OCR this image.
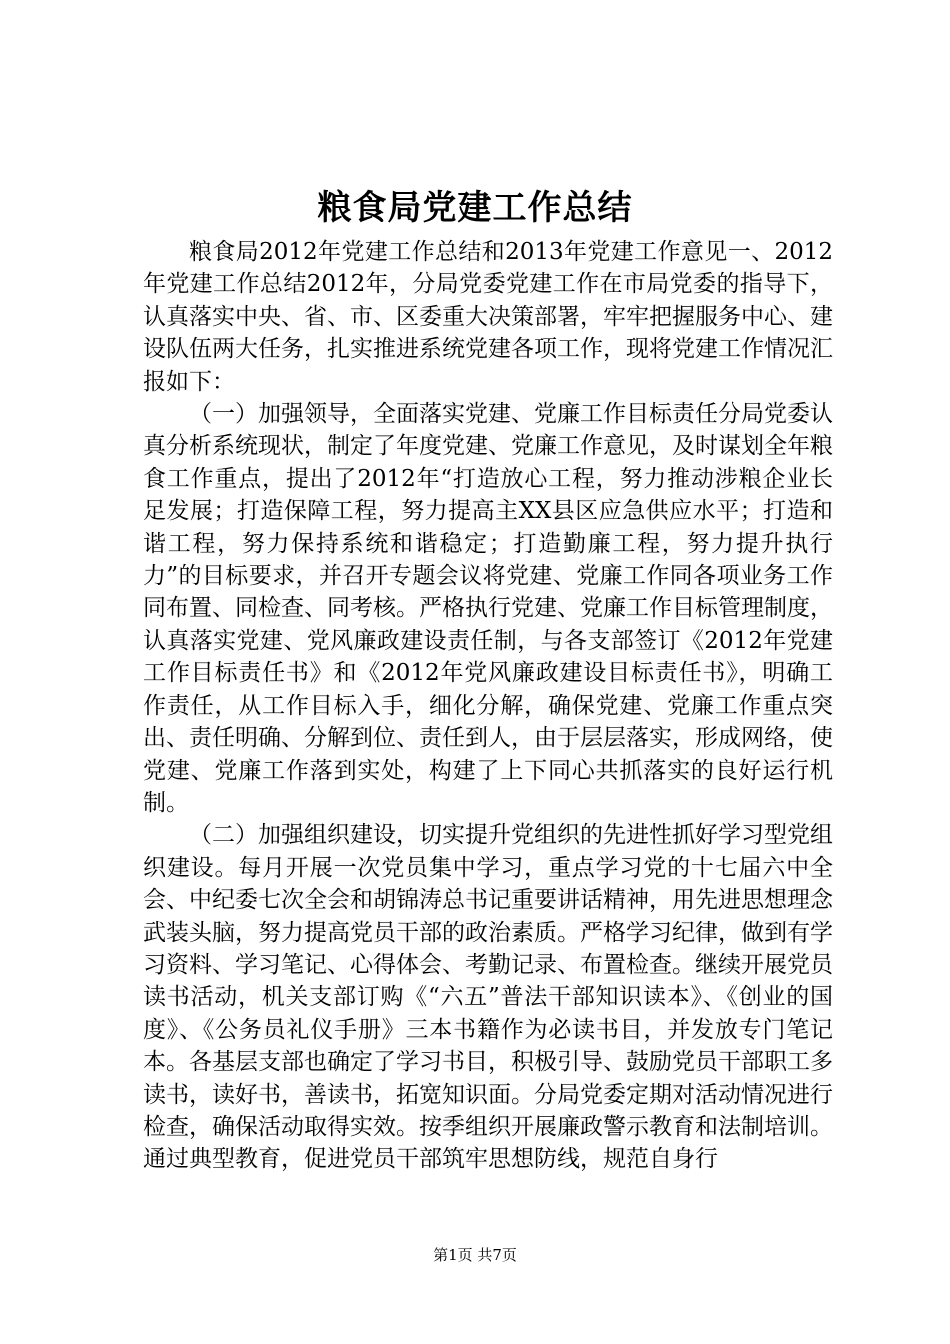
粮食局党建工作总结

粮食局2012年党建工作总结和2013年党建工作意见一、2012年党建工作总结2012年，分局党委党建工作在市局党委的指导下，认真落实中央、省、市、区委重大决策部署，牢牢把握服务中心、建设队伍两大任务，扎实推进系统党建各项工作，现将党建工作情况汇报如下：

（一）加强领导，全面落实党建、党廉工作目标责任分局党委认真分析系统现状，制定了年度党建、党廉工作意见，及时谋划全年粮食工作重点，提出了2012年“打造放心工程，努力推动涉粮企业长足发展；打造保障工程，努力提高主XX县区应急供应水平；打造和谐工程，努力保持系统和谐稳定；打造勤廉工程，努力提升执行力”的目标要求，并召开专题会议将党建、党廉工作同各项业务工作同布置、同检查、同考核。严格执行党建、党廉工作目标管理制度，认真落实党建、党风廉政建设责任制，与各支部签订《2012年党建工作目标责任书》和《2012年党风廉政建设目标责任书》，明确工作责任，从工作目标入手，细化分解，确保党建、党廉工作重点突出、责任明确、分解到位、责任到人，由于层层落实，形成网络，使党建、党廉工作落到实处，构建了上下同心共抓落实的良好运行机制。

（二）加强组织建设，切实提升党组织的先进性抓好学习型党组织建设。每月开展一次党员集中学习，重点学习党的十七届六中全会、中纪委七次全会和胡锦涛总书记重要讲话精神，用先进思想理念武装头脑，努力提高党员干部的政治素质。严格学习纪律，做到有学习资料、学习笔记、心得体会、考勤记录、布置检查。继续开展党员读书活动，机关支部订购《“六五”普法干部知识读本》、《创业的国度》、《公务员礼仪手册》三本书籍作为必读书目，并发放专门笔记本。各基层支部也确定了学习书目，积极引导、鼓励党员干部职工多读书，读好书，善读书，拓宽知识面。分局党委定期对活动情况进行检查，确保活动取得实效。按季组织开展廉政警示教育和法制培训。通过典型教育，促进党员干部筑牢思想防线，规范自身行

第1页 共7页
